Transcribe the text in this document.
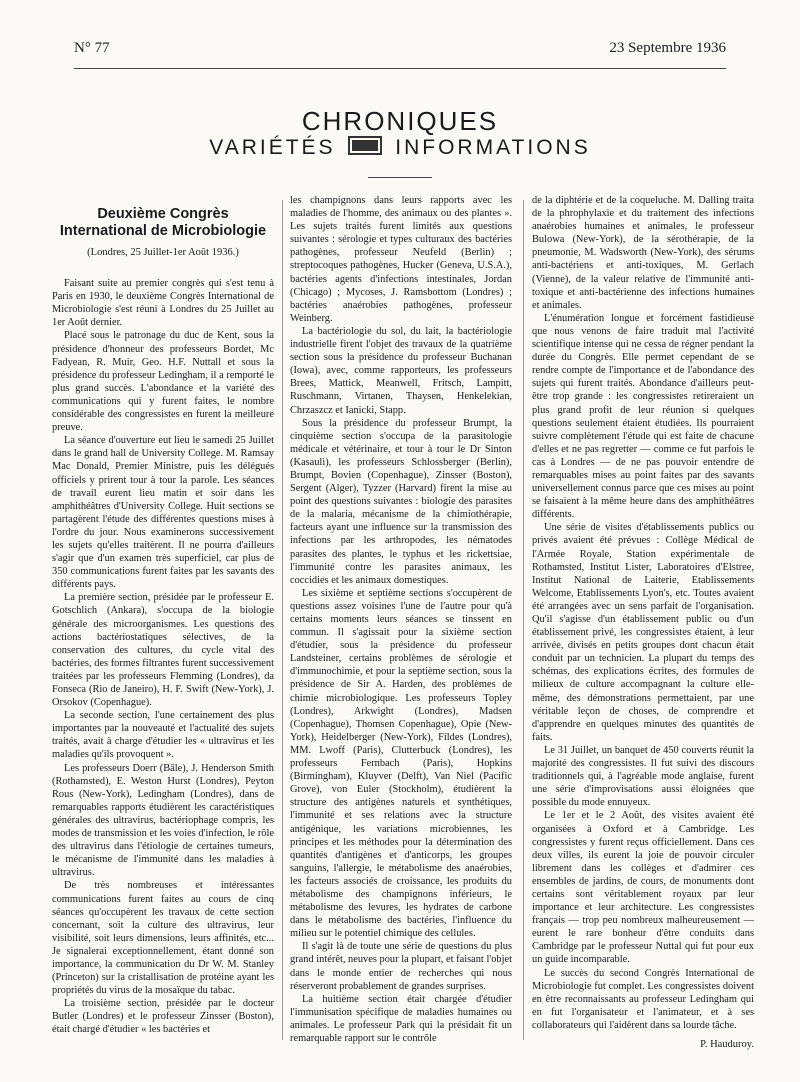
N° 77	23 Septembre 1936
CHRONIQUES
VARIÉTÉS	INFORMATIONS
Deuxième Congrès International de Microbiologie
(Londres, 25 Juillet-1er Août 1936.)

Faisant suite au premier congrès qui s'est tenu à Paris en 1930, le deuxième Congrès International de Microbiologie s'est réuni à Londres du 25 Juillet au 1er Août dernier.

Placé sous le patronage du duc de Kent, sous la présidence d'honneur des professeurs Bordet, Mc Fadyean, R. Muir, Geo. H.F. Nuttall et sous la présidence du professeur Ledingham, il a remporté le plus grand succès. L'abondance et la variété des communications qui y furent faites, le nombre considérable des congressistes en furent la meilleure preuve.

La séance d'ouverture eut lieu le samedi 25 Juillet dans le grand hall de University College. M. Ramsay Mac Donald, Premier Ministre, puis les délégués officiels y prirent tour à tour la parole. Les séances de travail eurent lieu matin et soir dans les amphithéâtres d'University College. Huit sections se partagèrent l'étude des différentes questions mises à l'ordre du jour. Nous examinerons successivement les sujets qu'elles traitèrent. Il ne pourra d'ailleurs s'agir que d'un examen très superficiel, car plus de 350 communications furent faites par les savants des différents pays.

La première section, présidée par le professeur E. Gotschlich (Ankara), s'occupa de la biologie générale des microorganismes. Les questions des actions bactériostatiques sélectives, de la conservation des cultures, du cycle vital des bactéries, des formes filtrantes furent successivement traitées par les professeurs Flemming (Londres), da Fonseca (Rio de Janeiro), H. F. Swift (New-York), J. Orsokov (Copenhague).

La seconde section, l'une certainement des plus importantes par la nouveauté et l'actualité des sujets traités, avait à charge d'étudier les « ultravirus et les maladies qu'ils provoquent ».

Les professeurs Doerr (Bâle), J. Henderson Smith (Rothamsted), E. Weston Hurst (Londres), Peyton Rous (New-York), Ledingham (Londres), dans de remarquables rapports étudièrent les caractéristiques générales des ultravirus, bactériophage compris, les modes de transmission et les voies d'infection, le rôle des ultravirus dans l'étiologie de certaines tumeurs, le mécanisme de l'immunité dans les maladies à ultravirus.

De très nombreuses et intéressantes communications furent faites au cours de cinq séances qu'occupèrent les travaux de cette section concernant, soit la culture des ultravirus, leur visibilité, soit leurs dimensions, leurs affinités, etc... Je signalerai exceptionnellement, étant donné son importance, la communication du Dr W. M. Stanley (Princeton) sur la cristallisation de protéine ayant les propriétés du virus de la mosaïque du tabac.

La troisième section, présidée par le docteur Butler (Londres) et le professeur Zinsser (Boston), était chargé d'étudier « les bactéries et

les champignons dans leurs rapports avec les maladies de l'homme, des animaux ou des plantes ». Les sujets traités furent limités aux questions suivantes : sérologie et types culturaux des bactéries pathogènes, professeur Neufeld (Berlin) ; streptocoques pathogènes, Hucker (Geneva, U.S.A.), bactéries agents d'infections intestinales, Jordan (Chicago) ; Mycoses, J. Ramsbottom (Londres) ; bactéries anaérobies pathogènes, professeur Weinberg.

La bactériologie du sol, du lait, la bactériologie industrielle firent l'objet des travaux de la quatrième section sous la présidence du professeur Buchanan (Iowa), avec, comme rapporteurs, les professeurs Brees, Mattick, Meanwell, Fritsch, Lampitt, Ruschmann, Virtanen, Thaysen, Henkelekian, Chrzaszcz et Ianicki, Stapp.

Sous la présidence du professeur Brumpt, la cinquième section s'occupa de la parasitologie médicale et vétérinaire, et tour à tour le Dr Sinton (Kasauli), les professeurs Schlossberger (Berlin), Brumpt, Bovien (Copenhague), Zinsser (Boston), Sergent (Alger), Tyzzer (Harvard) firent la mise au point des questions suivantes : biologie des parasites de la malaria, mécanisme de la chimiothérapie, facteurs ayant une influence sur la transmission des infections par les arthropodes, les nématodes parasites des plantes, le typhus et les rickettsiae, l'immunité contre les parasites animaux, les coccidies et les animaux domestiques.

Les sixième et septième sections s'occupèrent de questions assez voisines l'une de l'autre pour qu'à certains moments leurs séances se tinssent en commun. Il s'agissait pour la sixième section d'étudier, sous la présidence du professeur Landsteiner, certains problèmes de sérologie et d'immunochimie, et pour la septième section, sous la présidence de Sir A. Harden, des problèmes de chimie microbiologique. Les professeurs Topley (Londres), Arkwight (Londres), Madsen (Copenhague), Thomsen Copenhague), Opie (New-York), Heidelberger (New-York), Fildes (Londres), MM. Lwoff (Paris), Clutterbuck (Londres), les professeurs Fernbach (Paris), Hopkins (Birmingham), Kluyver (Delft), Van Niel (Pacific Grove), von Euler (Stockholm), étudièrent la structure des antigènes naturels et synthétiques, l'immunité et ses relations avec la structure antigénique, les variations microbiennes, les principes et les méthodes pour la détermination des quantités d'antigènes et d'anticorps, les groupes sanguins, l'allergie, le métabolisme des anaérobies, les facteurs associés de croissance, les produits du métabolisme des champignons inférieurs, le métabolisme des levures, les hydrates de carbone dans le métabolisme des bactéries, l'influence du milieu sur le potentiel chimique des cellules.

Il s'agit là de toute une série de questions du plus grand intérêt, neuves pour la plupart, et faisant l'objet dans le monde entier de recherches qui nous réserveront probablement de grandes surprises.

La huitième section était chargée d'étudier l'immunisation spécifique de maladies humaines ou animales. Le professeur Park qui la présidait fit un remarquable rapport sur le contrôle

de la diphtérie et de la coqueluche. M. Dalling traita de la phrophylaxie et du traitement des infections anaérobies humaines et animales, le professeur Bulowa (New-York), de la sérothérapie, de la pneumonie, M. Wadsworth (New-York), des sérums anti-bactériens et anti-toxiques, M. Gerlach (Vienne), de la valeur relative de l'immunité anti-toxique et anti-bactérienne des infections humaines et animales.

L'énumération longue et forcément fastidieuse que nous venons de faire traduit mal l'activité scientifique intense qui ne cessa de régner pendant la durée du Congrès. Elle permet cependant de se rendre compte de l'importance et de l'abondance des sujets qui furent traités. Abondance d'ailleurs peut-être trop grande : les congressistes retireraient un plus grand profit de leur réunion si quelques questions seulement étaient étudiées. Ils pourraient suivre complètement l'étude qui est faite de chacune d'elles et ne pas regretter — comme ce fut parfois le cas à Londres — de ne pas pouvoir entendre de remarquables mises au point faites par des savants universellement connus parce que ces mises au point se faisaient à la même heure dans des amphithéâtres différents.

Une série de visites d'établissements publics ou privés avaient été prévues : Collège Médical de l'Armée Royale, Station expérimentale de Rothamsted, Institut Lister, Laboratoires d'Elstree, Institut National de Laiterie, Etablissements Welcome, Etablissements Lyon's, etc. Toutes avaient été arrangées avec un sens parfait de l'organisation. Qu'il s'agisse d'un établissement public ou d'un établissement privé, les congressistes étaient, à leur arrivée, divisés en petits groupes dont chacun était conduit par un technicien. La plupart du temps des schémas, des explications écrites, des formules de milieux de culture accompagnant la culture elle-même, des démonstrations permettaient, par une véritable leçon de choses, de comprendre et d'apprendre en quelques minutes des quantités de faits.

Le 31 Juillet, un banquet de 450 couverts réunit la majorité des congressistes. Il fut suivi des discours traditionnels qui, à l'agréable mode anglaise, furent une série d'improvisations aussi éloignées que possible du mode ennuyeux.

Le 1er et le 2 Août, des visites avaient été organisées à Oxford et à Cambridge. Les congressistes y furent reçus officiellement. Dans ces deux villes, ils eurent la joie de pouvoir circuler librement dans les collèges et d'admirer ces ensembles de jardins, de cours, de monuments dont certains sont véritablement royaux par leur importance et leur architecture. Les congressistes français — trop peu nombreux malheureusement — eurent le rare bonheur d'être conduits dans Cambridge par le professeur Nuttal qui fut pour eux un guide incomparable.

Le succès du second Congrès International de Microbiologie fut complet. Les congressistes doivent en être reconnaissants au professeur Ledingham qui en fut l'organisateur et l'animateur, et à ses collaborateurs qui l'aidèrent dans sa lourde tâche.

P. Hauduroy.
